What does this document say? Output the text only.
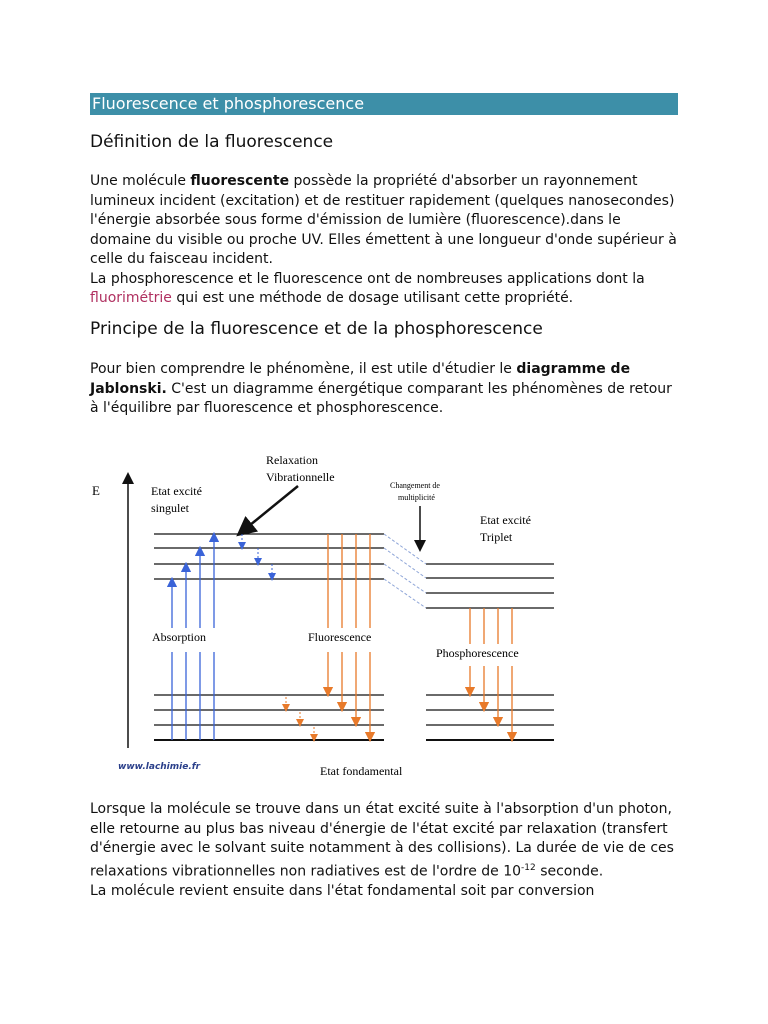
Fluorescence et phosphorescence
Définition de la fluorescence

Une molécule fluorescente possède la propriété d'absorber un rayonnement lumineux incident (excitation) et de restituer rapidement (quelques nanosecondes) l'énergie absorbée sous forme d'émission de lumière (fluorescence).dans le domaine du visible ou proche UV. Elles émettent à une longueur d'onde supérieur à celle du faisceau incident.
La phosphorescence et le fluorescence ont de nombreuses applications dont la fluorimétrie qui est une méthode de dosage utilisant cette propriété.

Principe de la fluorescence et de la phosphorescence

Pour bien comprendre le phénomène, il est utile d'étudier le diagramme de Jablonski. C'est un diagramme énergétique comparant les phénomènes de retour à l'équilibre par fluorescence et phosphorescence.

E	Etat excité
singulet
Relaxation
Vibrationnelle
Changement de
multiplicité
Etat excité
Triplet
Absorption	Fluorescence
Phosphorescence
www.lachimie.fr	Etat fondamental

Lorsque la molécule se trouve dans un état excité suite à l'absorption d'un photon, elle retourne au plus bas niveau d'énergie de l'état excité par relaxation (transfert d'énergie avec le solvant suite notamment à des collisions). La durée de vie de ces relaxations vibrationnelles non radiatives est de l'ordre de $10^{-12}$ seconde.
La molécule revient ensuite dans l'état fondamental soit par conversion
